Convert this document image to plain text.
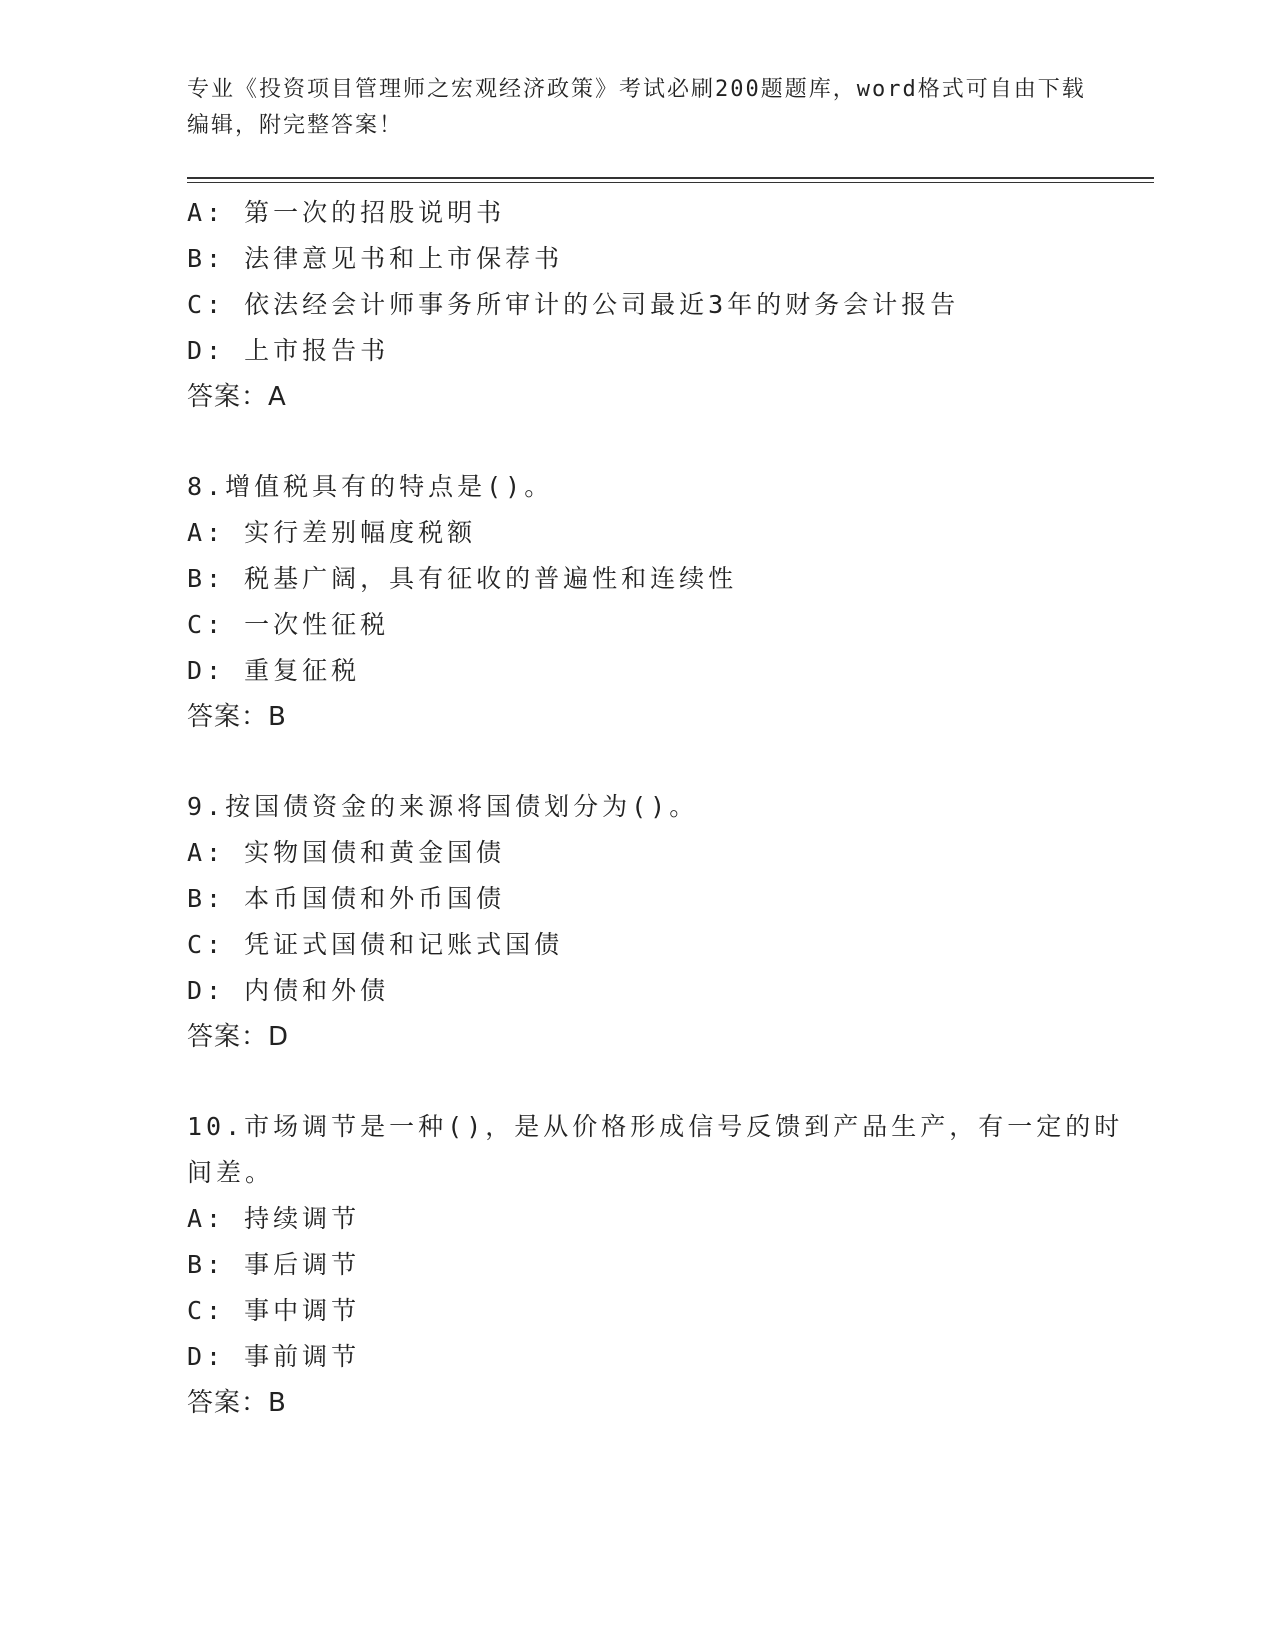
专业《投资项目管理师之宏观经济政策》考试必刷200题题库，word格式可自由下载编辑，附完整答案！
A: 第一次的招股说明书
B: 法律意见书和上市保荐书
C: 依法经会计师事务所审计的公司最近3年的财务会计报告
D: 上市报告书
答案：A
8.增值税具有的特点是()。
A: 实行差别幅度税额
B: 税基广阔，具有征收的普遍性和连续性
C: 一次性征税
D: 重复征税
答案：B
9.按国债资金的来源将国债划分为()。
A: 实物国债和黄金国债
B: 本币国债和外币国债
C: 凭证式国债和记账式国债
D: 内债和外债
答案：D
10.市场调节是一种()，是从价格形成信号反馈到产品生产，有一定的时间差。
A: 持续调节
B: 事后调节
C: 事中调节
D: 事前调节
答案：B
